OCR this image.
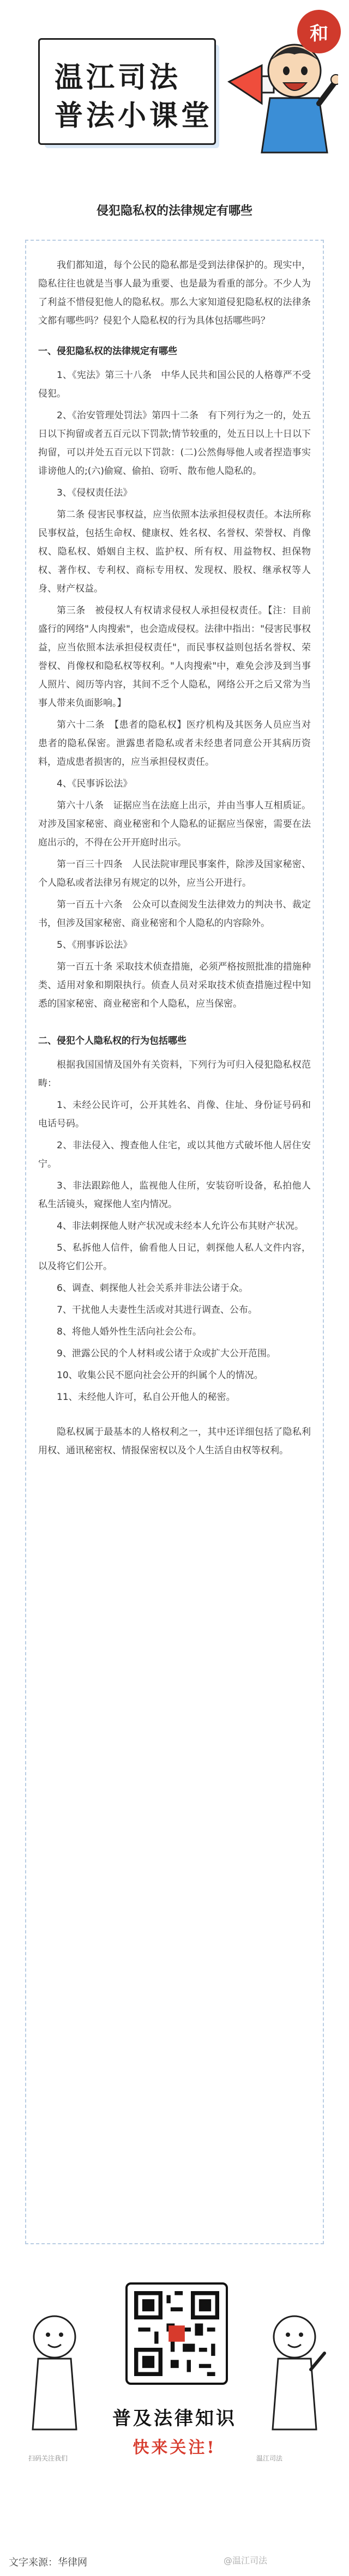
温江司法
普法小课堂
和
侵犯隐私权的法律规定有哪些

我们都知道，每个公民的隐私都是受到法律保护的。现实中，隐私往往也就是当事人最为重要、也是最为看重的部分。不少人为了利益不惜侵犯他人的隐私权。那么大家知道侵犯隐私权的法律条文都有哪些吗？侵犯个人隐私权的行为具体包括哪些吗？

一、侵犯隐私权的法律规定有哪些

1、《宪法》第三十八条　中华人民共和国公民的人格尊严不受侵犯。

2、《治安管理处罚法》第四十二条　有下列行为之一的，处五日以下拘留或者五百元以下罚款;情节较重的，处五日以上十日以下拘留，可以并处五百元以下罚款：(二)公然侮辱他人或者捏造事实诽谤他人的;(六)偷窥、偷拍、窃听、散布他人隐私的。

3、《侵权责任法》

第二条 侵害民事权益，应当依照本法承担侵权责任。本法所称民事权益，包括生命权、健康权、姓名权、名誉权、荣誉权、肖像权、隐私权、婚姻自主权、监护权、所有权、用益物权、担保物权、著作权、专利权、商标专用权、发现权、股权、继承权等人身、财产权益。

第三条　被侵权人有权请求侵权人承担侵权责任。【注：目前盛行的网络"人肉搜索"，也会造成侵权。法律中指出："侵害民事权益，应当依照本法承担侵权责任"，而民事权益则包括名誉权、荣誉权、肖像权和隐私权等权利。"人肉搜索"中，难免会涉及到当事人照片、阅历等内容，其间不乏个人隐私，网络公开之后又常为当事人带来负面影响。】

第六十二条　【患者的隐私权】医疗机构及其医务人员应当对患者的隐私保密。泄露患者隐私或者未经患者同意公开其病历资料，造成患者损害的，应当承担侵权责任。

4、《民事诉讼法》

第六十八条　证据应当在法庭上出示，并由当事人互相质证。对涉及国家秘密、商业秘密和个人隐私的证据应当保密，需要在法庭出示的，不得在公开开庭时出示。

第一百三十四条　人民法院审理民事案件，除涉及国家秘密、个人隐私或者法律另有规定的以外，应当公开进行。

第一百五十六条　公众可以查阅发生法律效力的判决书、裁定书，但涉及国家秘密、商业秘密和个人隐私的内容除外。

5、《刑事诉讼法》

第一百五十条 采取技术侦查措施，必须严格按照批准的措施种类、适用对象和期限执行。侦查人员对采取技术侦查措施过程中知悉的国家秘密、商业秘密和个人隐私，应当保密。

二、侵犯个人隐私权的行为包括哪些

根据我国国情及国外有关资料，下列行为可归入侵犯隐私权范畴：

1、未经公民许可，公开其姓名、肖像、住址、身份证号码和电话号码。

2、非法侵入、搜查他人住宅，或以其他方式破坏他人居住安宁。

3、非法跟踪他人，监视他人住所，安装窃听设备，私拍他人私生活镜头，窥探他人室内情况。

4、非法刺探他人财产状况或未经本人允许公布其财产状况。

5、私拆他人信件，偷看他人日记，刺探他人私人文件内容，以及将它们公开。

6、调查、刺探他人社会关系并非法公诸于众。

7、干扰他人夫妻性生活或对其进行调查、公布。

8、将他人婚外性生活向社会公布。

9、泄露公民的个人材料或公诸于众或扩大公开范围。

10、收集公民不愿向社会公开的纠属个人的情况。

11、未经他人许可，私自公开他人的秘密。

隐私权属于最基本的人格权利之一，其中还详细包括了隐私利用权、通讯秘密权、情报保密权以及个人生活自由权等权利。

普及法律知识
快来关注!
扫码关注我们	温江司法
文字来源：华律网	@温江司法
